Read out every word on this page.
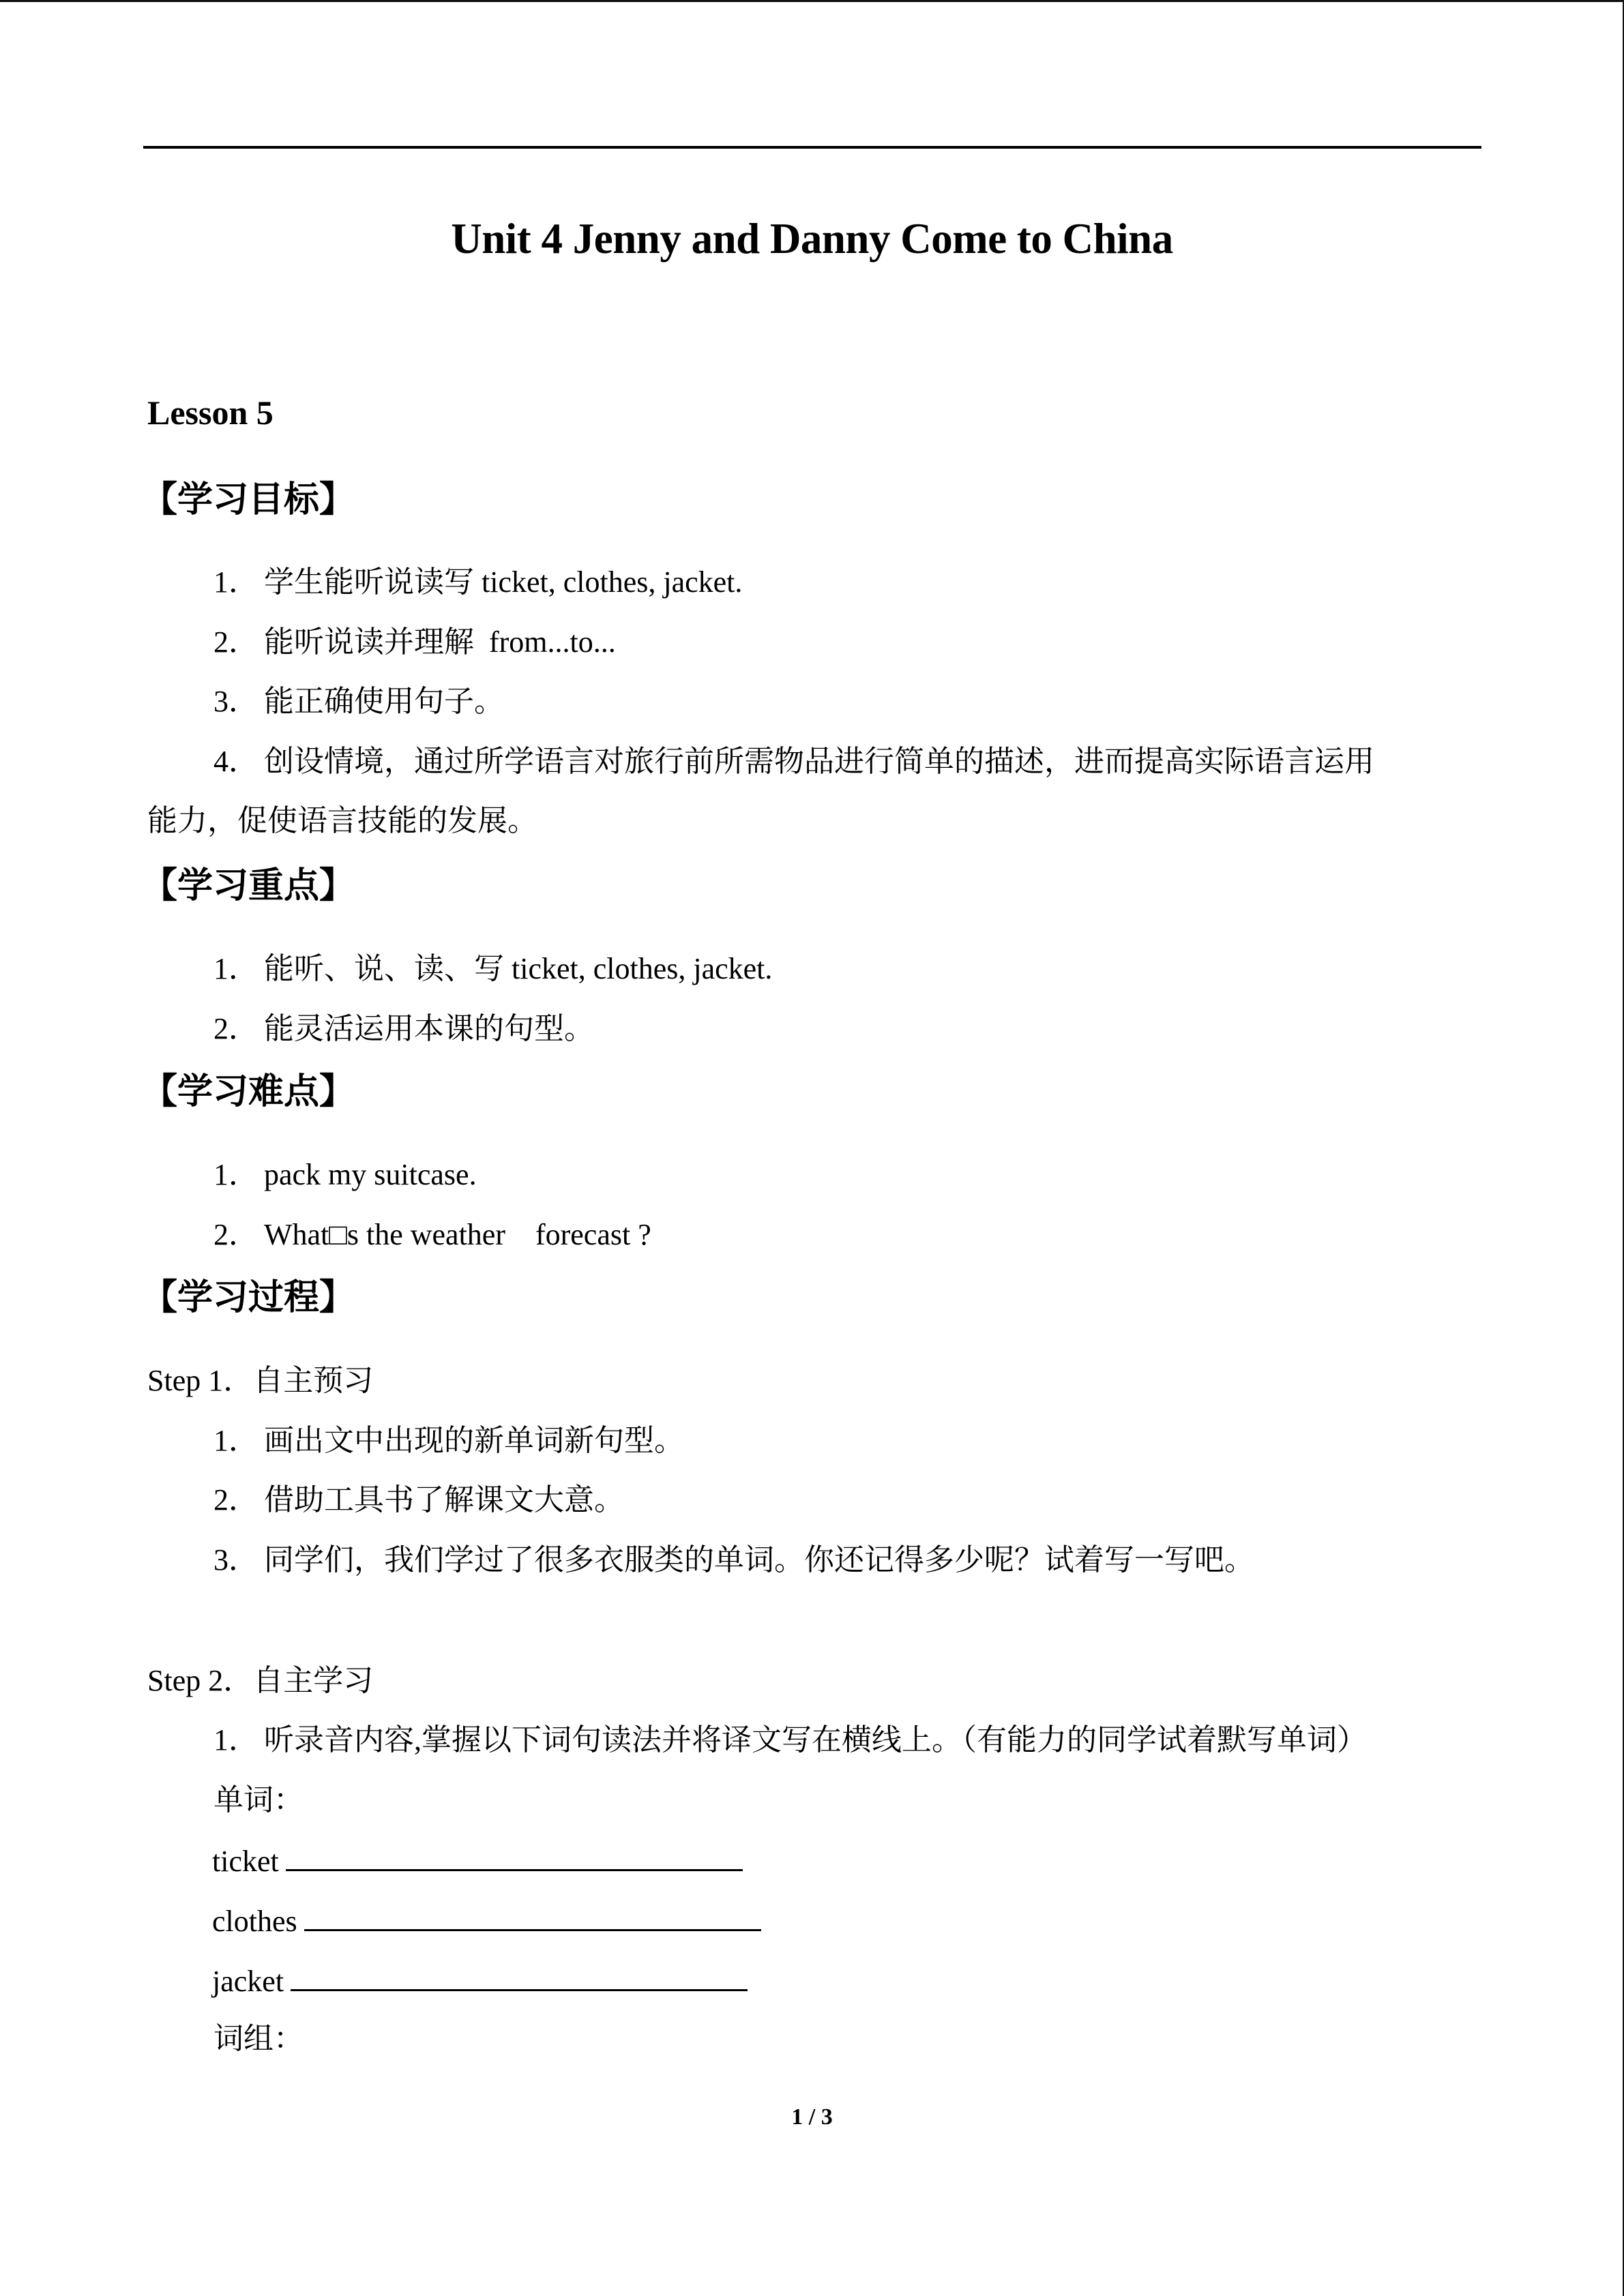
Unit 4 Jenny and Danny Come to China
Lesson 5
【学习目标】
1． 学生能听说读写 ticket, clothes, jacket.
2． 能听说读并理解  from...to...
3． 能正确使用句子。
4． 创设情境，通过所学语言对旅行前所需物品进行简单的描述，进而提高实际语言运用
能力，促使语言技能的发展。
【学习重点】
1． 能听、说、读、写 ticket, clothes, jacket.
2． 能灵活运用本课的句型。
【学习难点】
1． pack my suitcase.
2． What□s the weather    forecast ?
【学习过程】
Step 1．自主预习
1． 画出文中出现的新单词新句型。
2． 借助工具书了解课文大意。
3． 同学们，我们学过了很多衣服类的单词。你还记得多少呢？试着写一写吧。
Step 2．自主学习
1． 听录音内容,掌握以下词句读法并将译文写在横线上。（有能力的同学试着默写单词）
单词：
ticket
clothes
jacket
词组：
1 / 3
